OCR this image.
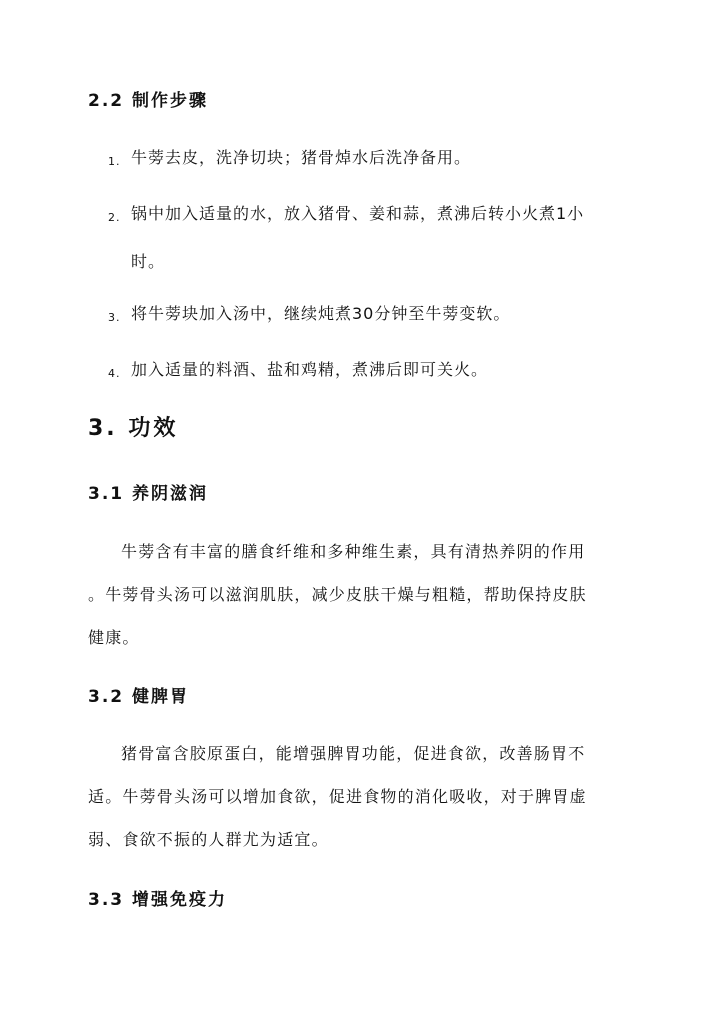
2.2 制作步骤
1. 牛蒡去皮，洗净切块；猪骨焯水后洗净备用。
2. 锅中加入适量的水，放入猪骨、姜和蒜，煮沸后转小火煮1小
时。
3. 将牛蒡块加入汤中，继续炖煮30分钟至牛蒡变软。
4. 加入适量的料酒、盐和鸡精，煮沸后即可关火。
3. 功效
3.1 养阴滋润
牛蒡含有丰富的膳食纤维和多种维生素，具有清热养阴的作用
。牛蒡骨头汤可以滋润肌肤，减少皮肤干燥与粗糙，帮助保持皮肤
健康。
3.2 健脾胃
猪骨富含胶原蛋白，能增强脾胃功能，促进食欲，改善肠胃不
适。牛蒡骨头汤可以增加食欲，促进食物的消化吸收，对于脾胃虚
弱、食欲不振的人群尤为适宜。
3.3 增强免疫力
